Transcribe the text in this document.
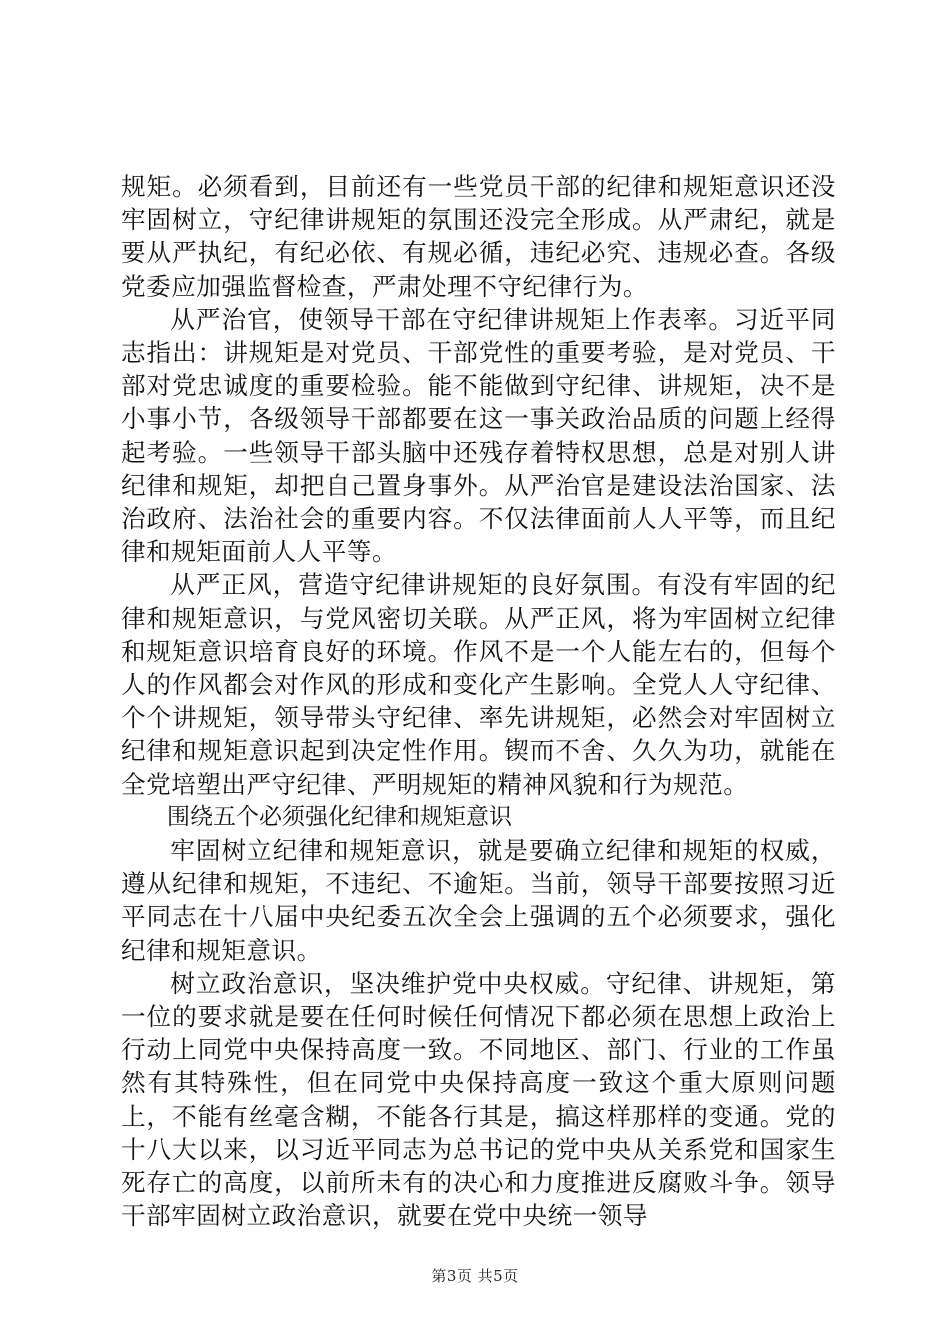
规矩。必须看到，目前还有一些党员干部的纪律和规矩意识还没牢固树立，守纪律讲规矩的氛围还没完全形成。从严肃纪，就是要从严执纪，有纪必依、有规必循，违纪必究、违规必查。各级党委应加强监督检查，严肃处理不守纪律行为。

从严治官，使领导干部在守纪律讲规矩上作表率。习近平同志指出：讲规矩是对党员、干部党性的重要考验，是对党员、干部对党忠诚度的重要检验。能不能做到守纪律、讲规矩，决不是小事小节，各级领导干部都要在这一事关政治品质的问题上经得起考验。一些领导干部头脑中还残存着特权思想，总是对别人讲纪律和规矩，却把自己置身事外。从严治官是建设法治国家、法治政府、法治社会的重要内容。不仅法律面前人人平等，而且纪律和规矩面前人人平等。

从严正风，营造守纪律讲规矩的良好氛围。有没有牢固的纪律和规矩意识，与党风密切关联。从严正风，将为牢固树立纪律和规矩意识培育良好的环境。作风不是一个人能左右的，但每个人的作风都会对作风的形成和变化产生影响。全党人人守纪律、个个讲规矩，领导带头守纪律、率先讲规矩，必然会对牢固树立纪律和规矩意识起到决定性作用。锲而不舍、久久为功，就能在全党培塑出严守纪律、严明规矩的精神风貌和行为规范。

围绕五个必须强化纪律和规矩意识

牢固树立纪律和规矩意识，就是要确立纪律和规矩的权威，遵从纪律和规矩，不违纪、不逾矩。当前，领导干部要按照习近平同志在十八届中央纪委五次全会上强调的五个必须要求，强化纪律和规矩意识。

树立政治意识，坚决维护党中央权威。守纪律、讲规矩，第一位的要求就是要在任何时候任何情况下都必须在思想上政治上行动上同党中央保持高度一致。不同地区、部门、行业的工作虽然有其特殊性，但在同党中央保持高度一致这个重大原则问题上，不能有丝毫含糊，不能各行其是，搞这样那样的变通。党的十八大以来，以习近平同志为总书记的党中央从关系党和国家生死存亡的高度，以前所未有的决心和力度推进反腐败斗争。领导干部牢固树立政治意识，就要在党中央统一领导

第3页 共5页
